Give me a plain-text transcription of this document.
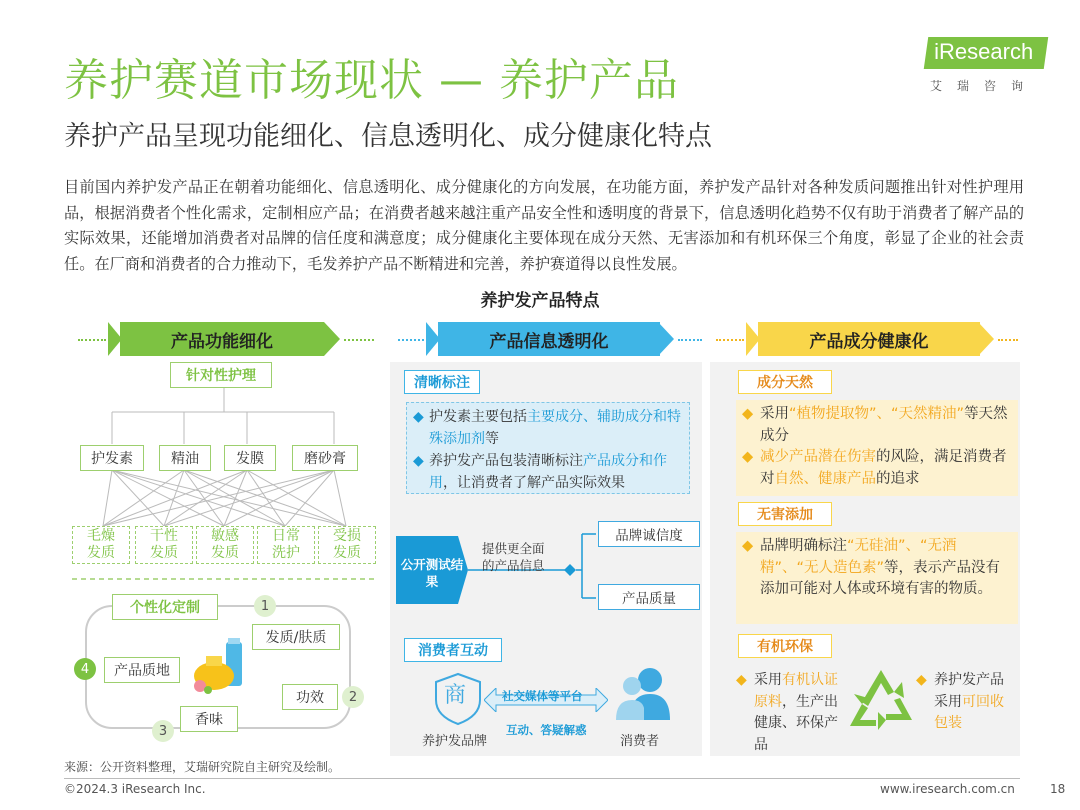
养护赛道市场现状 — 养护产品
养护产品呈现功能细化、信息透明化、成分健康化特点
iResearch
艾瑞咨询
目前国内养护发产品正在朝着功能细化、信息透明化、成分健康化的方向发展，在功能方面，养护发产品针对各种发质问题推出针对性护理用品，根据消费者个性化需求，定制相应产品；在消费者越来越注重产品安全性和透明度的背景下，信息透明化趋势不仅有助于消费者了解产品的实际效果，还能增加消费者对品牌的信任度和满意度；成分健康化主要体现在成分天然、无害添加和有机环保三个角度，彰显了企业的社会责任。在厂商和消费者的合力推动下，毛发养护产品不断精进和完善，养护赛道得以良性发展。
养护发产品特点
产品功能细化	产品信息透明化	产品成分健康化
针对性护理
护发素	精油	发膜	磨砂膏
毛燥
发质
干性
发质
敏感
发质
日常
洗护
受损
发质
个性化定制	1
发质/肤质
4	产品质地
功效	2
香味
3
清晰标注
◆ 护发素主要包括主要成分、辅助成分和特殊添加剂等
◆ 养护发产品包装清晰标注产品成分和作用，让消费者了解产品实际效果
公开测试结果
提供更全面的产品信息
品牌诚信度
产品质量
消费者互动
商	社交媒体等平台
互动、答疑解惑
养护发品牌	消费者
成分天然
◆ 采用“植物提取物”、“天然精油”等天然成分
◆ 减少产品潜在伤害的风险，满足消费者对自然、健康产品的追求
无害添加
◆ 品牌明确标注“无硅油”、“无酒精”、“无人造色素”等，表示产品没有添加可能对人体或环境有害的物质。
有机环保
◆ 采用有机认证原料，生产出健康、环保产品
◆ 养护发产品采用可回收包装
来源：公开资料整理，艾瑞研究院自主研究及绘制。
©2024.3 iResearch Inc.	www.iresearch.com.cn	18
